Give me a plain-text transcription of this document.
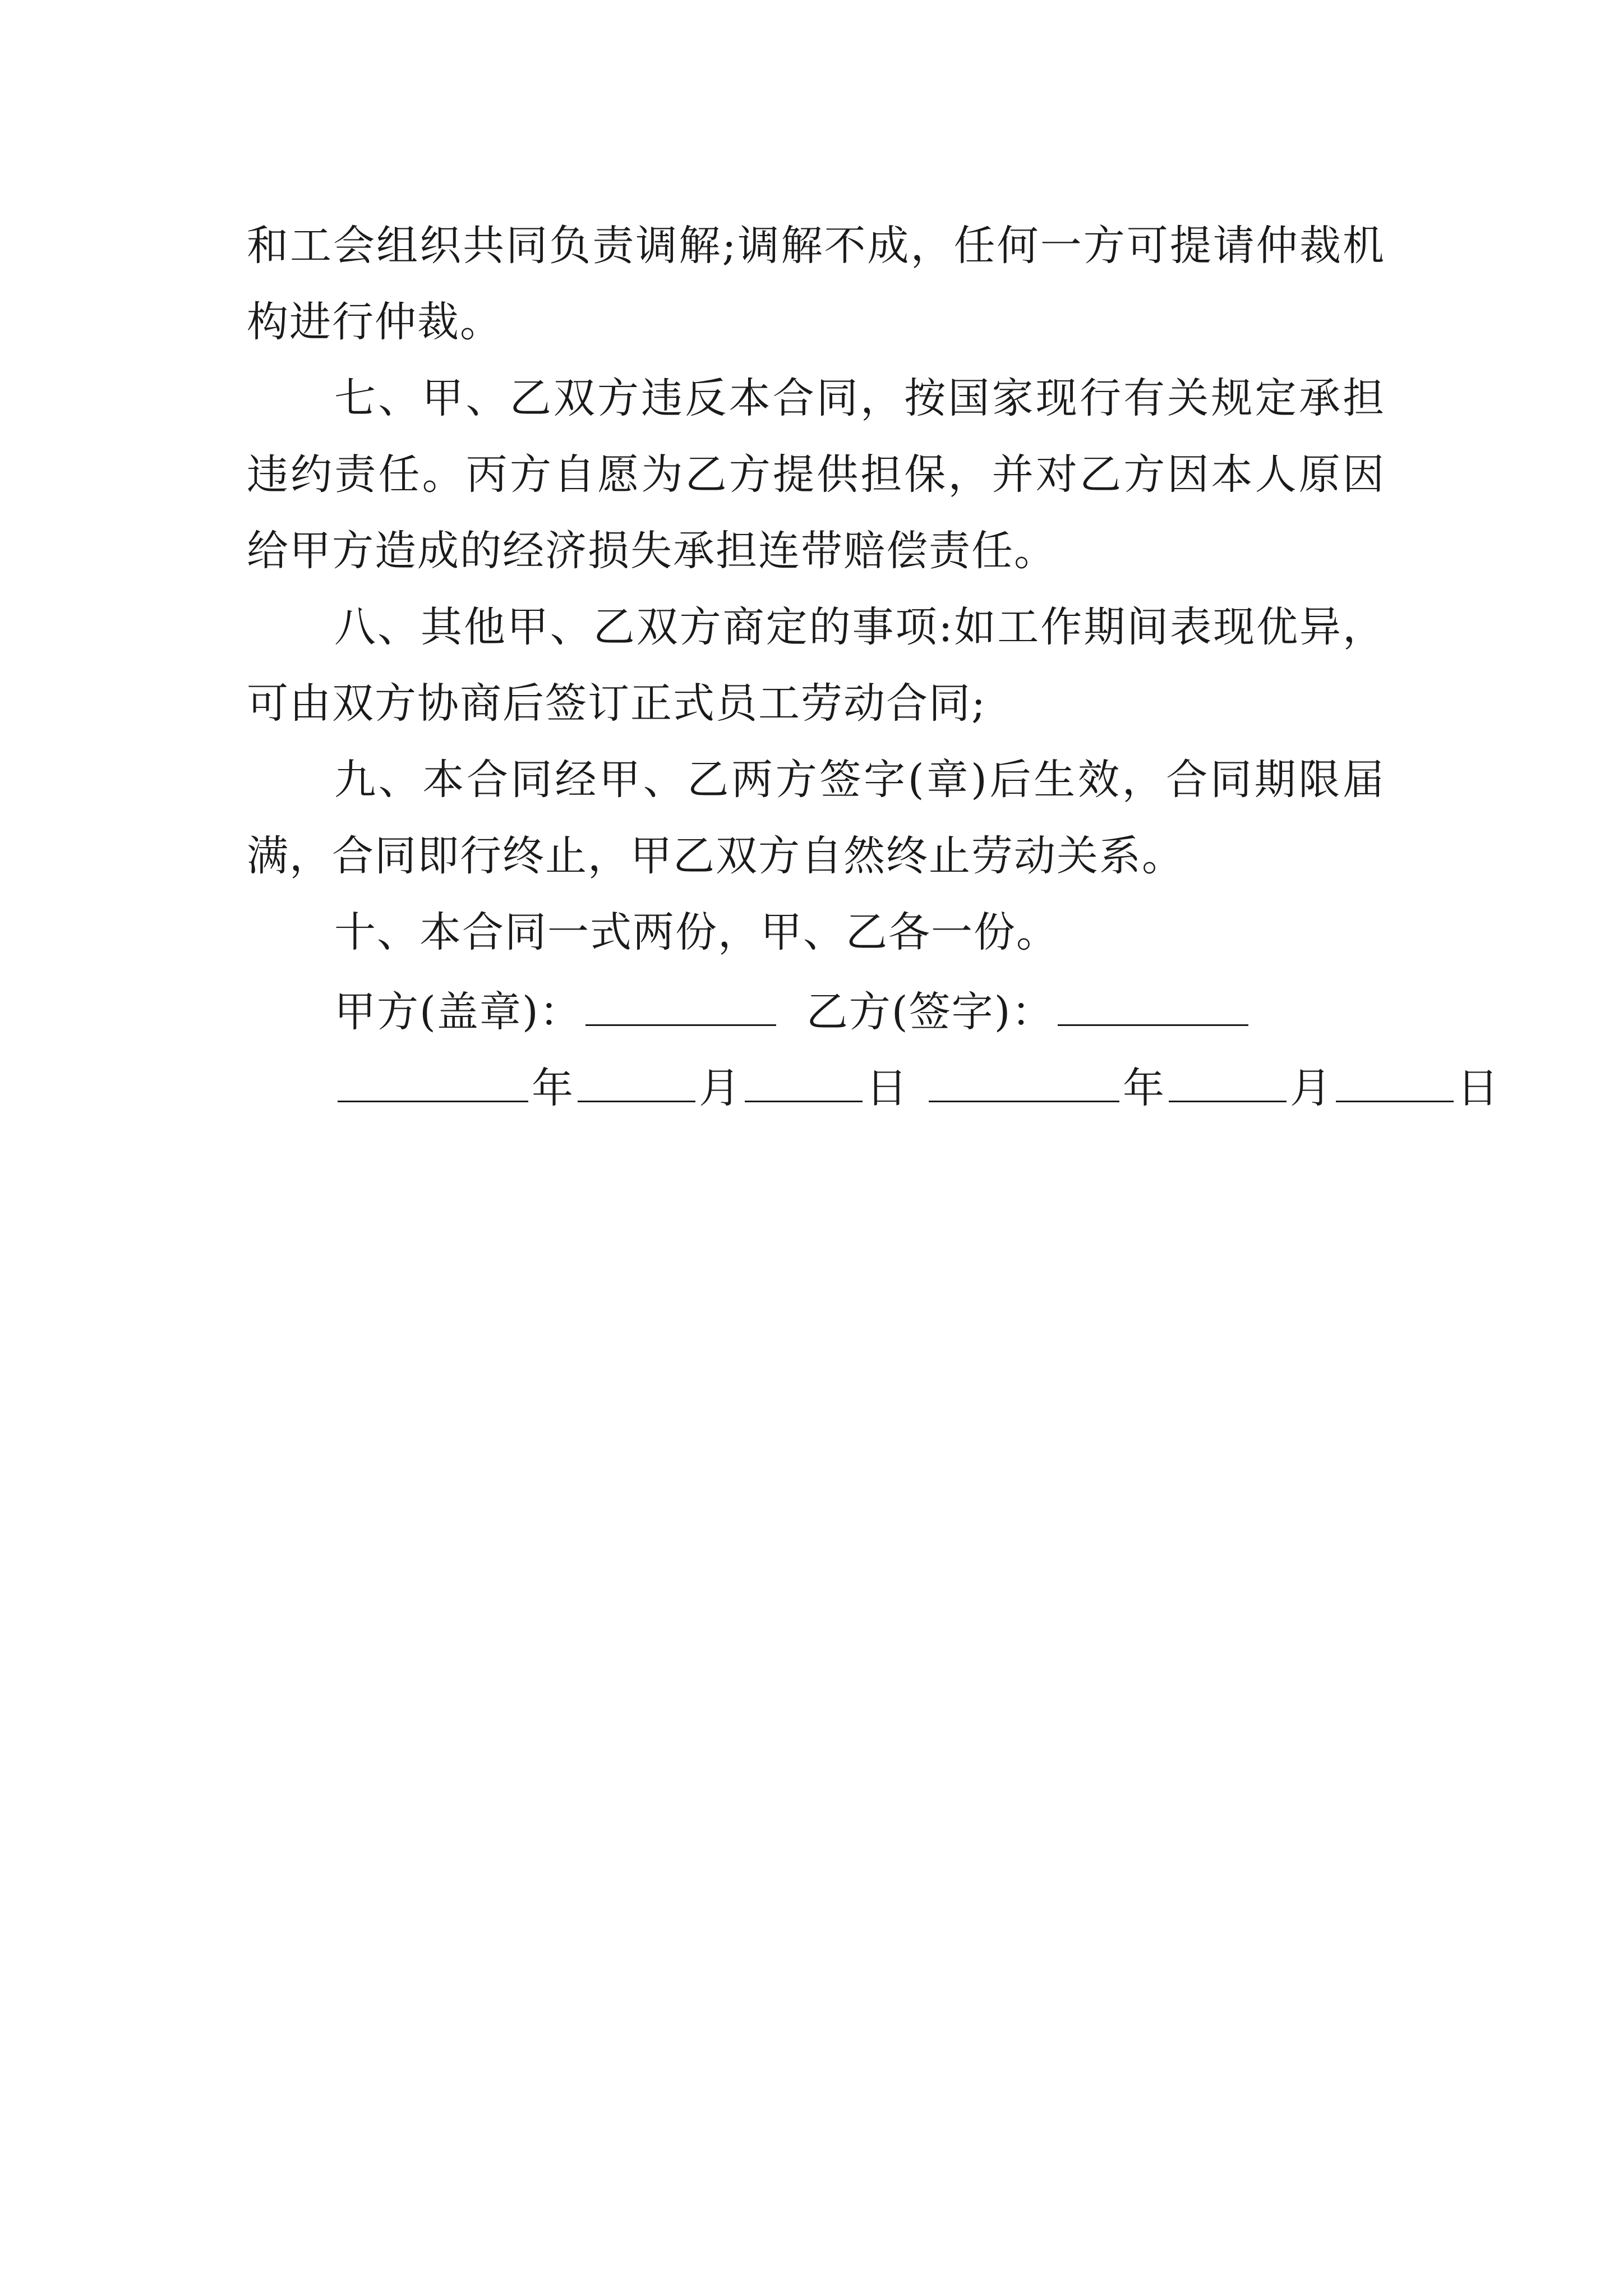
和工会组织共同负责调解;调解不成，任何一方可提请仲裁机构进行仲裁。

七、甲、乙双方违反本合同，按国家现行有关规定承担违约责任。丙方自愿为乙方提供担保，并对乙方因本人原因给甲方造成的经济损失承担连带赔偿责任。

八、其他甲、乙双方商定的事项:如工作期间表现优异，可由双方协商后签订正式员工劳动合同;

九、本合同经甲、乙两方签字(章)后生效，合同期限届满，合同即行终止，甲乙双方自然终止劳动关系。

十、本合同一式两份，甲、乙各一份。

甲方(盖章)：	乙方(签字)：
年	月	日	年	月	日
